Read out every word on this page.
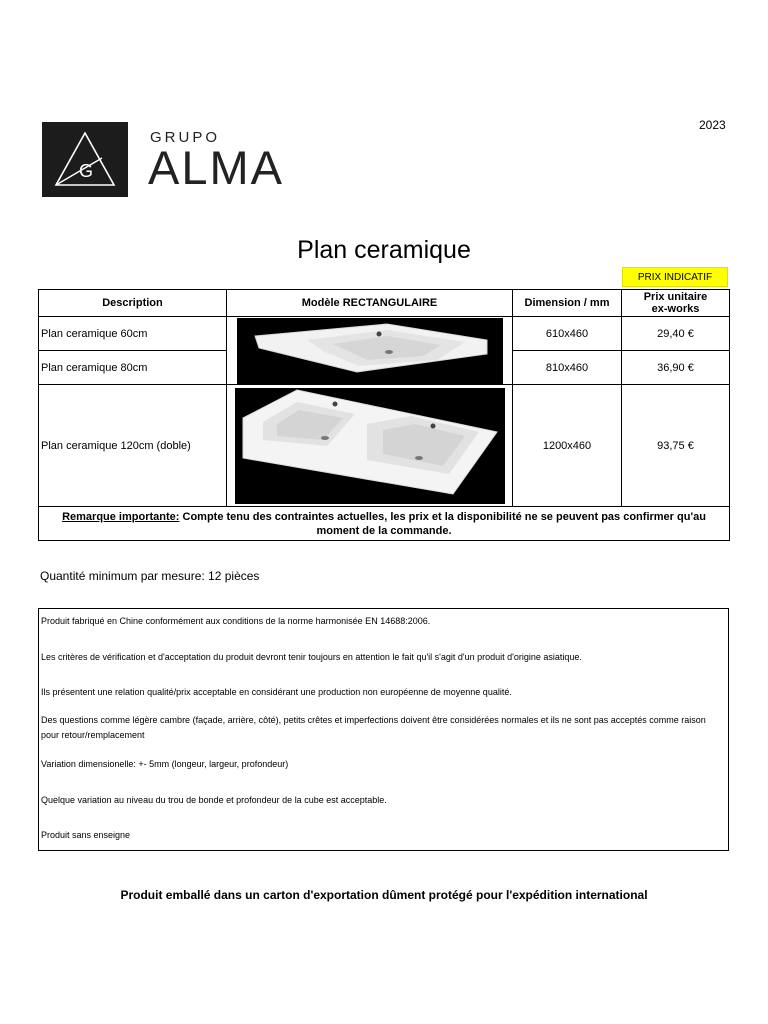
2023
G
GRUPO
ALMA
Plan ceramique
PRIX INDICATIF
Description	Modèle RECTANGULAIRE	Dimension / mm	Prix unitaire
ex-works

Plan ceramique 60cm		610x460	29,40 €
Plan ceramique 80cm		810x460	36,90 €
Plan ceramique 120cm (doble)		1200x460	93,75 €
Remarque importante: Compte tenu des contraintes actuelles, les prix et la disponibilité ne se peuvent pas confirmer qu'au moment de la commande.			
Quantité minimum par mesure: 12 pièces
Produit fabriqué en Chine conformément aux conditions de la norme harmonisée EN 14688:2006.
Les critères de vérification et d'acceptation du produit devront tenir toujours en attention le fait qu'il s'agit d'un produit d'origine asiatique.
Ils présentent une relation qualité/prix acceptable en considérant une production non européenne de moyenne qualité.
Des questions comme légère cambre (façade, arrière, côté), petits crêtes et imperfections doivent être considérées normales et ils ne sont pas acceptés comme raison pour retour/remplacement
Variation dimensionelle: +- 5mm (longeur, largeur, profondeur)
Quelque variation au niveau du trou de bonde et profondeur de la cube est acceptable.
Produit sans enseigne
Produit emballé dans un carton d'exportation dûment protégé pour l'expédition international
